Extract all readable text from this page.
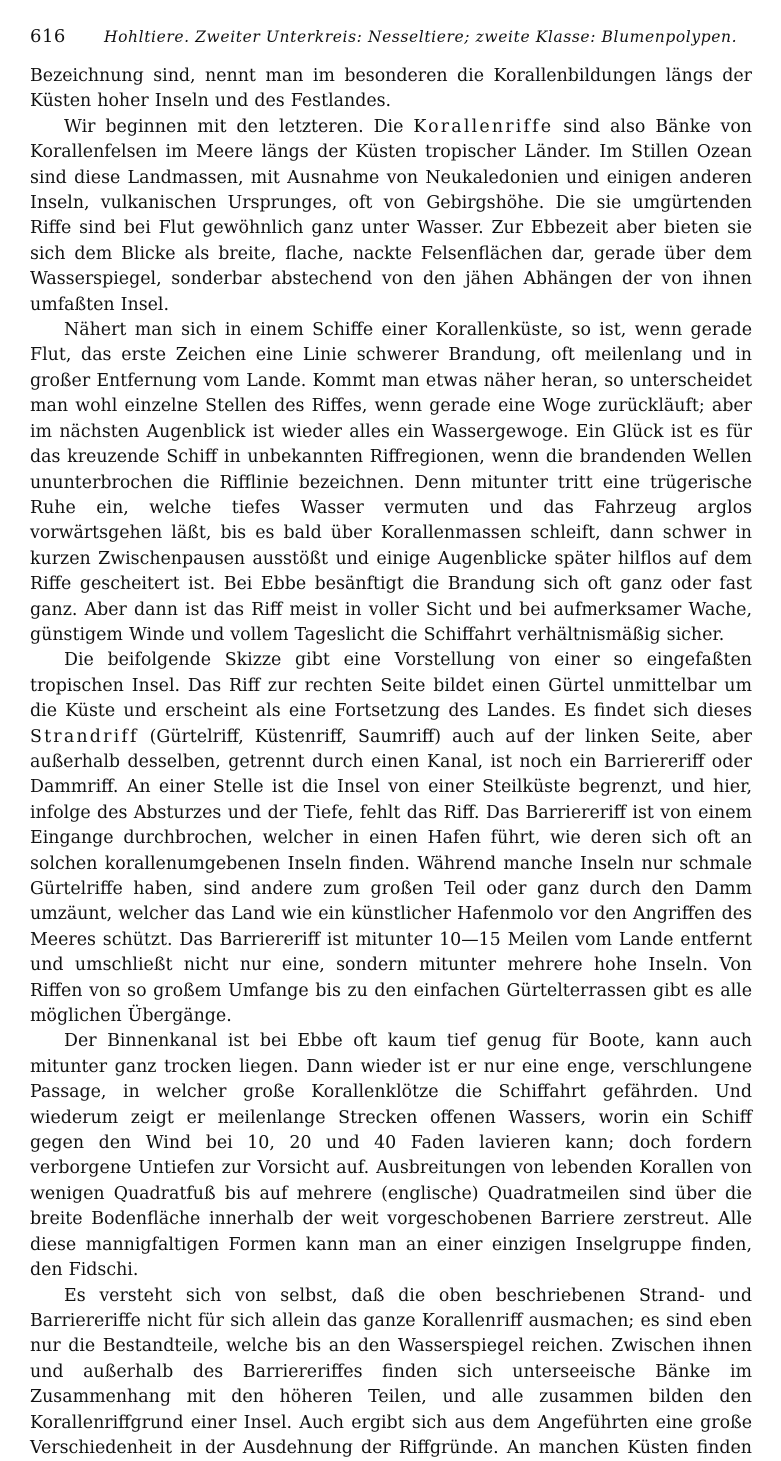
616	Hohltiere. Zweiter Unterkreis: Nesseltiere; zweite Klasse: Blumenpolypen.

Bezeichnung sind, nennt man im besonderen die Korallenbildungen längs der Küsten hoher Inseln und des Festlandes.

Wir beginnen mit den letzteren. Die Korallenriffe sind also Bänke von Korallenfelsen im Meere längs der Küsten tropischer Länder. Im Stillen Ozean sind diese Landmassen, mit Ausnahme von Neukaledonien und einigen anderen Inseln, vulkanischen Ursprunges, oft von Gebirgshöhe. Die sie umgürtenden Riffe sind bei Flut gewöhnlich ganz unter Wasser. Zur Ebbezeit aber bieten sie sich dem Blicke als breite, flache, nackte Felsenflächen dar, gerade über dem Wasserspiegel, sonderbar abstechend von den jähen Abhängen der von ihnen umfaßten Insel.

Nähert man sich in einem Schiffe einer Korallenküste, so ist, wenn gerade Flut, das erste Zeichen eine Linie schwerer Brandung, oft meilenlang und in großer Entfernung vom Lande. Kommt man etwas näher heran, so unterscheidet man wohl einzelne Stellen des Riffes, wenn gerade eine Woge zurückläuft; aber im nächsten Augenblick ist wieder alles ein Wassergewoge. Ein Glück ist es für das kreuzende Schiff in unbekannten Riffregionen, wenn die brandenden Wellen ununterbrochen die Rifflinie bezeichnen. Denn mitunter tritt eine trügerische Ruhe ein, welche tiefes Wasser vermuten und das Fahrzeug arglos vorwärtsgehen läßt, bis es bald über Korallenmassen schleift, dann schwer in kurzen Zwischenpausen ausstößt und einige Augenblicke später hilflos auf dem Riffe gescheitert ist. Bei Ebbe besänftigt die Brandung sich oft ganz oder fast ganz. Aber dann ist das Riff meist in voller Sicht und bei aufmerksamer Wache, günstigem Winde und vollem Tageslicht die Schiffahrt verhältnismäßig sicher.

Die beifolgende Skizze gibt eine Vorstellung von einer so eingefaßten tropischen Insel. Das Riff zur rechten Seite bildet einen Gürtel unmittelbar um die Küste und erscheint als eine Fortsetzung des Landes. Es findet sich dieses Strandriff (Gürtelriff, Küstenriff, Saumriff) auch auf der linken Seite, aber außerhalb desselben, getrennt durch einen Kanal, ist noch ein Barriereriff oder Dammriff. An einer Stelle ist die Insel von einer Steilküste begrenzt, und hier, infolge des Absturzes und der Tiefe, fehlt das Riff. Das Barriereriff ist von einem Eingange durchbrochen, welcher in einen Hafen führt, wie deren sich oft an solchen korallenumgebenen Inseln finden. Während manche Inseln nur schmale Gürtelriffe haben, sind andere zum großen Teil oder ganz durch den Damm umzäunt, welcher das Land wie ein künstlicher Hafenmolo vor den Angriffen des Meeres schützt. Das Barriereriff ist mitunter 10—15 Meilen vom Lande entfernt und umschließt nicht nur eine, sondern mitunter mehrere hohe Inseln. Von Riffen von so großem Umfange bis zu den einfachen Gürtelterrassen gibt es alle möglichen Übergänge.

Der Binnenkanal ist bei Ebbe oft kaum tief genug für Boote, kann auch mitunter ganz trocken liegen. Dann wieder ist er nur eine enge, verschlungene Passage, in welcher große Korallenklötze die Schiffahrt gefährden. Und wiederum zeigt er meilenlange Strecken offenen Wassers, worin ein Schiff gegen den Wind bei 10, 20 und 40 Faden lavieren kann; doch fordern verborgene Untiefen zur Vorsicht auf. Ausbreitungen von lebenden Korallen von wenigen Quadratfuß bis auf mehrere (englische) Quadratmeilen sind über die breite Bodenfläche innerhalb der weit vorgeschobenen Barriere zerstreut. Alle diese mannigfaltigen Formen kann man an einer einzigen Inselgruppe finden, den Fidschi.

Es versteht sich von selbst, daß die oben beschriebenen Strand- und Barriereriffe nicht für sich allein das ganze Korallenriff ausmachen; es sind eben nur die Bestandteile, welche bis an den Wasserspiegel reichen. Zwischen ihnen und außerhalb des Barriereriffes finden sich unterseeische Bänke im Zusammenhang mit den höheren Teilen, und alle zusammen bilden den Korallenriffgrund einer Insel. Auch ergibt sich aus dem Angeführten eine große Verschiedenheit in der Ausdehnung der Riffgründe. An manchen Küsten finden
